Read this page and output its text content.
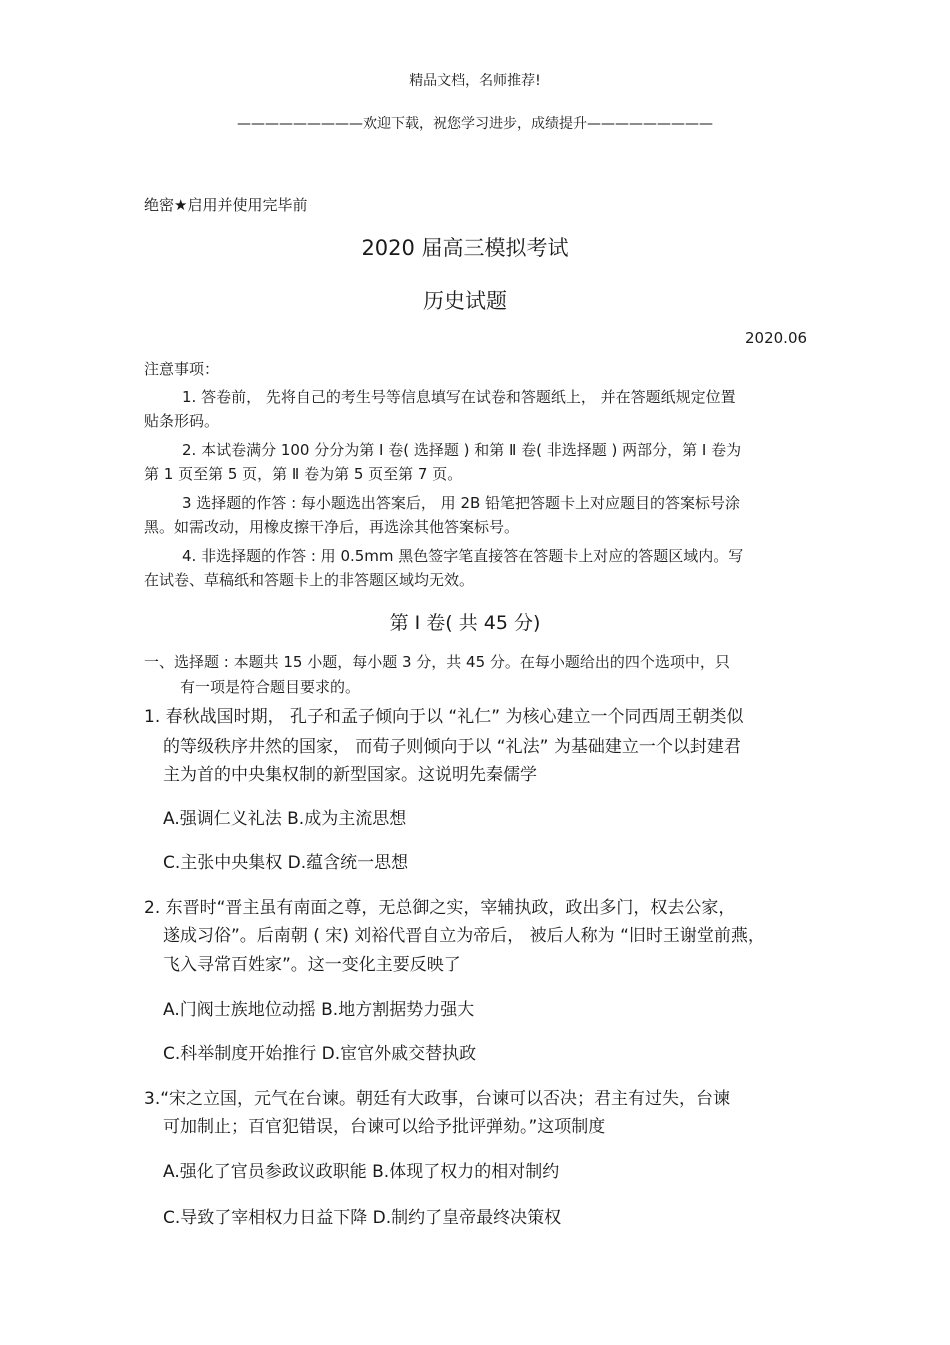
精品文档，名师推荐!
—————————欢迎下载，祝您学习进步，成绩提升—————————
绝密★启用并使用完毕前
2020 届高三模拟考试
历史试题
2020.06
注意事项：
1. 答卷前， 先将自己的考生号等信息填写在试卷和答题纸上， 并在答题纸规定位置
贴条形码。
2. 本试卷满分 100 分分为第 Ⅰ 卷( 选择题 ) 和第 Ⅱ 卷( 非选择题 ) 两部分，第 Ⅰ 卷为
第 1 页至第 5 页，第 Ⅱ 卷为第 5 页至第 7 页。
3 选择题的作答 : 每小题选出答案后， 用 2B 铅笔把答题卡上对应题目的答案标号涂
黑。如需改动，用橡皮擦干净后，再选涂其他答案标号。
4. 非选择题的作答 : 用 0.5mm 黑色签字笔直接答在答题卡上对应的答题区域内。写
在试卷、草稿纸和答题卡上的非答题区域均无效。
第 Ⅰ 卷( 共 45 分)
一、选择题 : 本题共 15 小题，每小题 3 分，共 45 分。在每小题给出的四个选项中，只
有一项是符合题目要求的。
1. 春秋战国时期， 孔子和孟子倾向于以 “礼仁” 为核心建立一个同西周王朝类似
的等级秩序井然的国家， 而荀子则倾向于以 “礼法” 为基础建立一个以封建君
主为首的中央集权制的新型国家。这说明先秦儒学
A.强调仁义礼法 B.成为主流思想
C.主张中央集权 D.蕴含统一思想
2. 东晋时“晋主虽有南面之尊，无总御之实，宰辅执政，政出多门，权去公家，
遂成习俗”。后南朝 ( 宋) 刘裕代晋自立为帝后， 被后人称为 “旧时王谢堂前燕，
飞入寻常百姓家”。这一变化主要反映了
A.门阀士族地位动摇 B.地方割据势力强大
C.科举制度开始推行 D.宦官外戚交替执政
3.“宋之立国，元气在台谏。朝廷有大政事，台谏可以否决；君主有过失，台谏
可加制止；百官犯错误，台谏可以给予批评弹劾。”这项制度
A.强化了官员参政议政职能 B.体现了权力的相对制约
C.导致了宰相权力日益下降 D.制约了皇帝最终决策权
